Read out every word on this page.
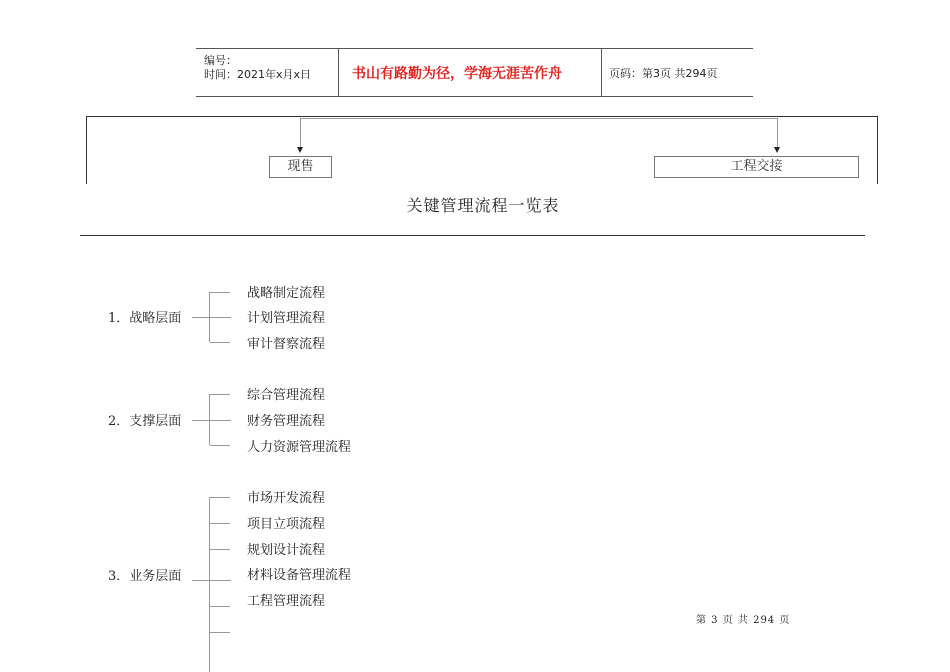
编号：
时间：2021年x月x日	书山有路勤为径，学海无涯苦作舟	页码：第3页 共294页
现售	工程交接
关键管理流程一览表
1．战略层面
战略制定流程
计划管理流程
审计督察流程
2．支撑层面
综合管理流程
财务管理流程
人力资源管理流程
3．业务层面
市场开发流程
项目立项流程
规划设计流程
材料设备管理流程
工程管理流程
第 3 页 共 294 页
